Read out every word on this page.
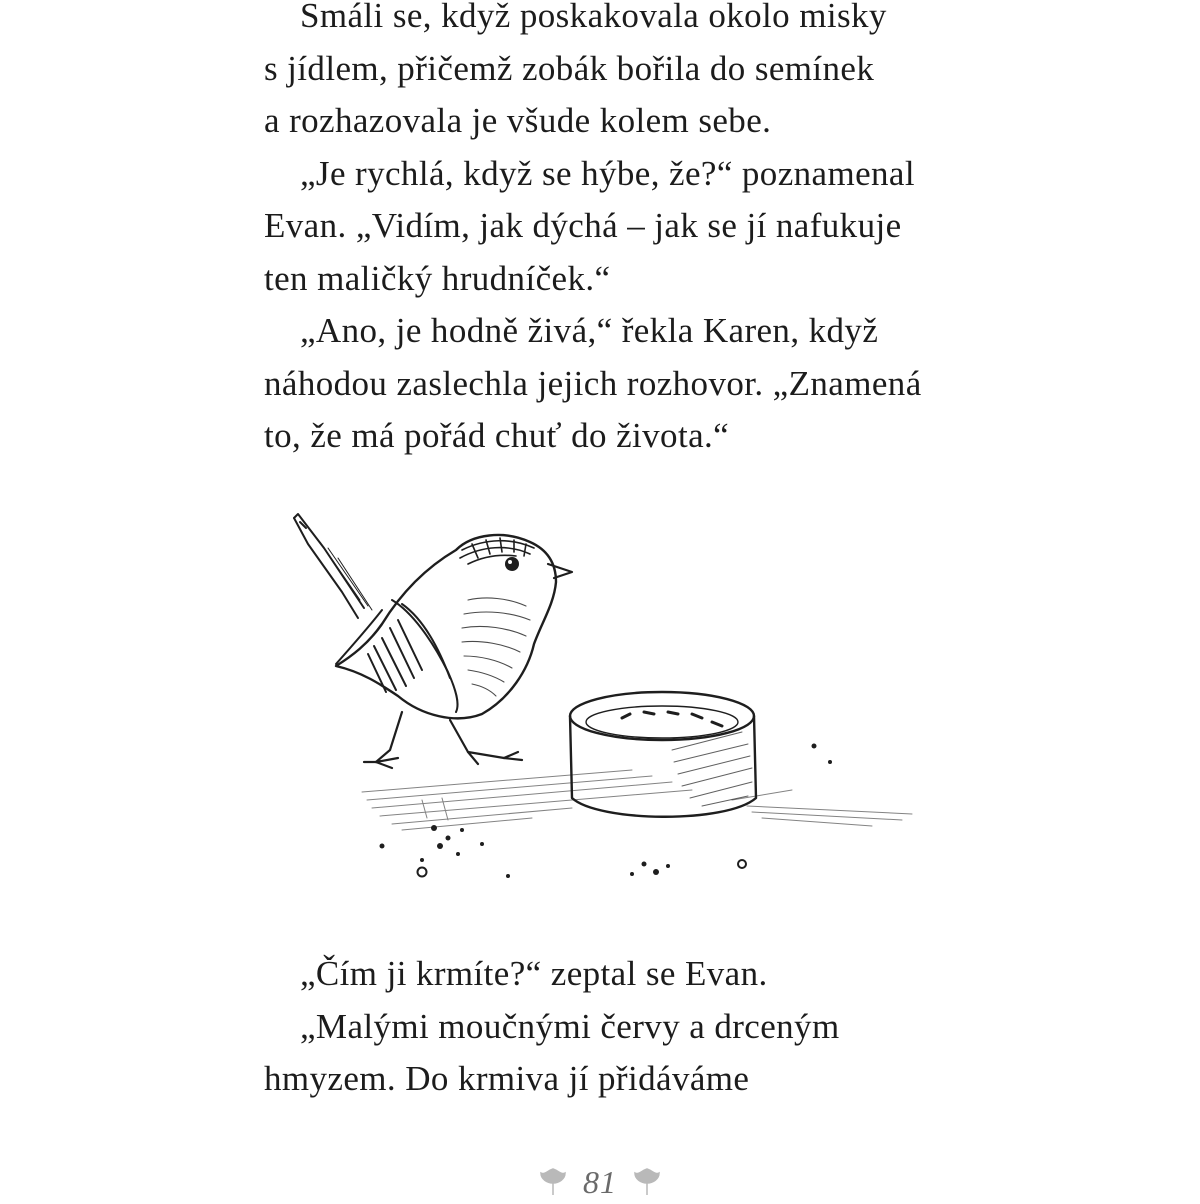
Smáli se, když poskakovala okolo misky
s jídlem, přičemž zobák bořila do semínek
a rozhazovala je všude kolem sebe.
„Je rychlá, když se hýbe, že?“ poznamenal
Evan. „Vidím, jak dýchá – jak se jí nafukuje
ten maličký hrudníček.“
„Ano, je hodně živá,“ řekla Karen, když
náhodou zaslechla jejich rozhovor. „Znamená
to, že má pořád chuť do života.“
„Čím ji krmíte?“ zeptal se Evan.
„Malými moučnými červy a drceným
hmyzem. Do krmiva jí přidáváme
81
